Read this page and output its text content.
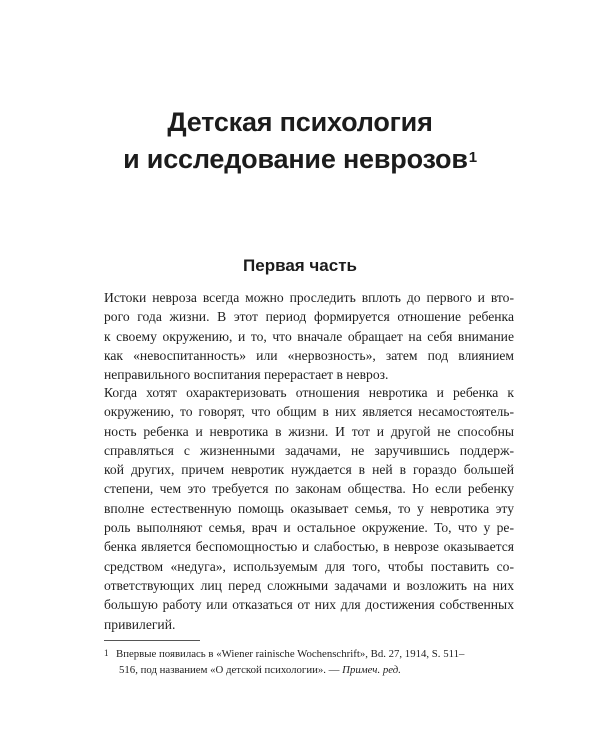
Детская психология
и исследование неврозов$^1$
Первая часть
Истоки невроза всегда можно проследить вплоть до первого и вто-
рого года жизни. В этот период формируется отношение ребенка
к своему окружению, и то, что вначале обращает на себя внимание
как «невоспитанность» или «нервозность», затем под влиянием
неправильного воспитания перерастает в невроз.
Когда хотят охарактеризовать отношения невротика и ребенка к
окружению, то говорят, что общим в них является несамостоятель-
ность ребенка и невротика в жизни. И тот и другой не способны
справляться с жизненными задачами, не заручившись поддерж-
кой других, причем невротик нуждается в ней в гораздо большей
степени, чем это требуется по законам общества. Но если ребенку
вполне естественную помощь оказывает семья, то у невротика эту
роль выполняют семья, врач и остальное окружение. То, что у ре-
бенка является беспомощностью и слабостью, в неврозе оказывается
средством «недуга», используемым для того, чтобы поставить со-
ответствующих лиц перед сложными задачами и возложить на них
большую работу или отказаться от них для достижения собственных
привилегий.
1 Впервые появилась в «Wiener rainische Wochenschrift», Bd. 27, 1914, S. 511–
516, под названием «О детской психологии». — Примеч. ред.
